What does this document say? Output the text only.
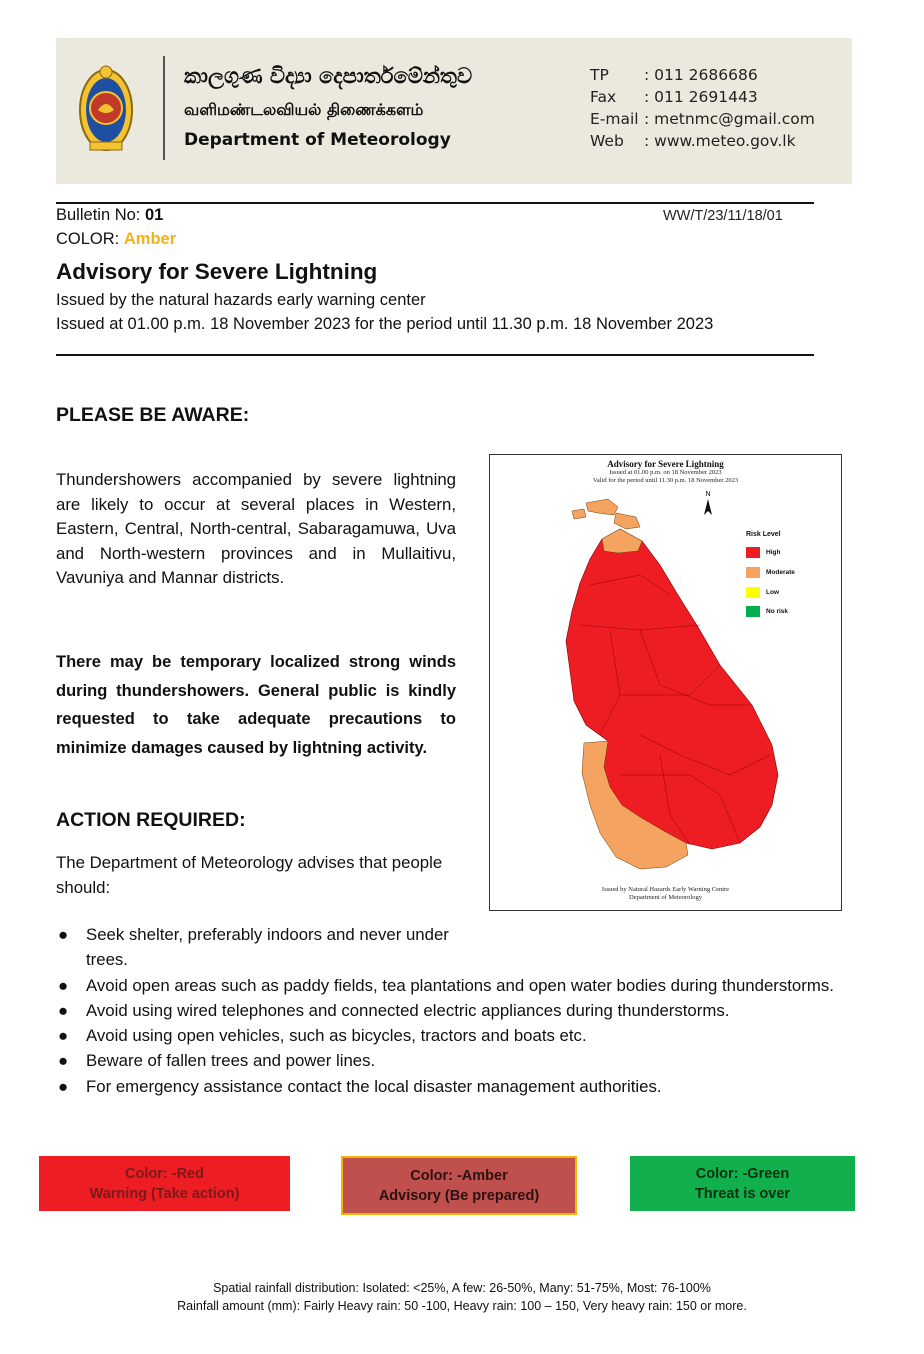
කාලගුණ විද්‍යා දෙපාර්තමේන්තුව
வளிமண்டலவியல் திணைக்களம்
Department of Meteorology
TP	: 011 2686686
Fax	: 011 2691443
E-mail : metnmc@gmail.com
Web	: www.meteo.gov.lk
Bulletin No: 01
COLOR: Amber
WW/T/23/11/18/01
Advisory for Severe Lightning
Issued by the natural hazards early warning center
Issued at 01.00 p.m. 18 November 2023 for the period until 11.30 p.m. 18 November 2023
PLEASE BE AWARE:
Thundershowers accompanied by severe lightning are likely to occur at several places in Western, Eastern, Central, North-central, Sabaragamuwa, Uva and North-western provinces and in Mullaitivu, Vavuniya and Mannar districts.
There may be temporary localized strong winds during thundershowers. General public is kindly requested to take adequate precautions to minimize damages caused by lightning activity.
ACTION REQUIRED:
The Department of Meteorology advises that people should:
Advisory for Severe Lightning
Issued at 01.00 p.m. on 18 November 2023
Valid for the period until 11.30 p.m. 18 November 2023
N
Risk Level
High
Moderate
Low
No risk
Issued by Natural Hazards Early Warning Centre
Department of Meteorology
● Seek shelter, preferably indoors and never under trees.
● Avoid open areas such as paddy fields, tea plantations and open water bodies during thunderstorms.
● Avoid using wired telephones and connected electric appliances during thunderstorms.
● Avoid using open vehicles, such as bicycles, tractors and boats etc.
● Beware of fallen trees and power lines.
● For emergency assistance contact the local disaster management authorities.
Color: -Red
Warning (Take action)
Color: -Amber
Advisory (Be prepared)
Color: -Green
Threat is over
Spatial rainfall distribution: Isolated: <25%, A few: 26-50%, Many: 51-75%, Most: 76-100%
Rainfall amount (mm): Fairly Heavy rain: 50 -100, Heavy rain: 100 – 150, Very heavy rain: 150 or more.
